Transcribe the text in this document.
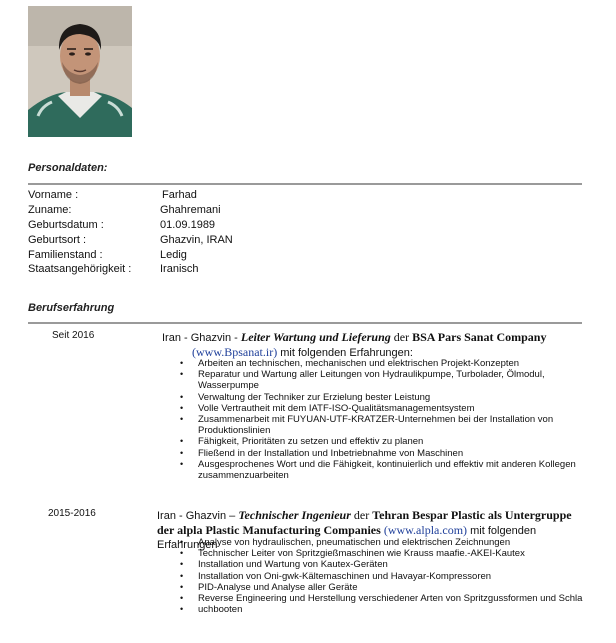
Personaldaten:
Vorname :	Farhad
Zuname:	Ghahremani
Geburtsdatum :	01.09.1989
Geburtsort :	Ghazvin, IRAN
Familienstand :	Ledig
Staatsangehörigkeit :	Iranisch
Berufserfahrung
Seit 2016	Iran - Ghazvin - Leiter Wartung und Lieferung der BSA Pars Sanat Company
(www.Bpsanat.ir) mit folgenden Erfahrungen:
• Arbeiten an technischen, mechanischen und elektrischen Projekt-Konzepten
• Reparatur und Wartung aller Leitungen von Hydraulikpumpe, Turbolader, Ölmodul, Wasserpumpe
• Verwaltung der Techniker zur Erzielung bester Leistung
• Volle Vertrautheit mit dem IATF-ISO-Qualitätsmanagementsystem
• Zusammenarbeit mit FUYUAN-UTF-KRATZER-Unternehmen bei der Installation von Produktionslinien
• Fähigkeit, Prioritäten zu setzen und effektiv zu planen
• Fließend in der Installation und Inbetriebnahme von Maschinen
• Ausgesprochenes Wort und die Fähigkeit, kontinuierlich und effektiv mit anderen Kollegen zusammenzuarbeiten
2015-2016	Iran - Ghazvin – Technischer Ingenieur der Tehran Bespar Plastic als Untergruppe der alpla Plastic Manufacturing Companies (www.alpla.com) mit folgenden Erfahrungen
• Analyse von hydraulischen, pneumatischen und elektrischen Zeichnungen
• Technischer Leiter von Spritzgießmaschinen wie Krauss maafie.-AKEI-Kautex
• Installation und Wartung von Kautex-Geräten
• Installation von Oni-gwk-Kältemaschinen und Havayar-Kompressoren
• PID-Analyse und Analyse aller Geräte
• Reverse Engineering und Herstellung verschiedener Arten von Spritzgussformen und Schla
• uchbooten
